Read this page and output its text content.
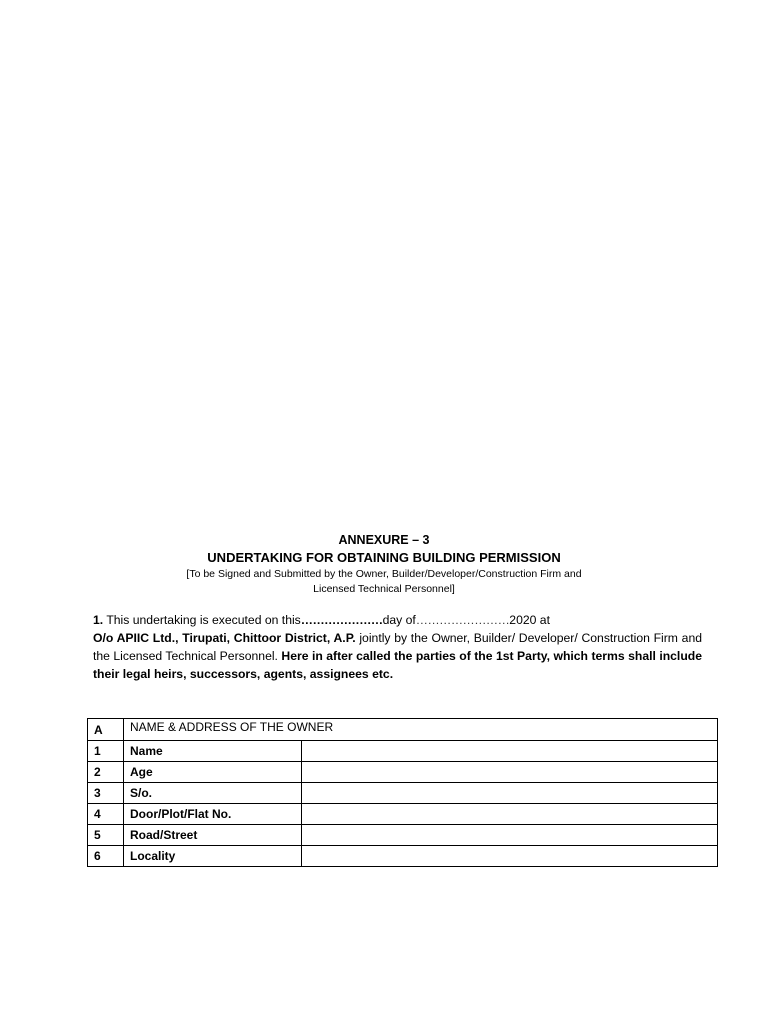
ANNEXURE – 3
UNDERTAKING FOR OBTAINING BUILDING PERMISSION
[To be Signed and Submitted by the Owner, Builder/Developer/Construction Firm and
Licensed Technical Personnel]
1. This undertaking is executed on this…………………day of……………………2020 at
O/o APIIC Ltd., Tirupati, Chittoor District, A.P. jointly by the Owner, Builder/ Developer/ Construction Firm and the Licensed Technical Personnel. Here in after called the parties of the 1st Party, which terms shall include their legal heirs, successors, agents, assignees etc.
A	NAME & ADDRESS OF THE OWNER	
1	Name	
2	Age	
3	S/o.	
4	Door/Plot/Flat No.	
5	Road/Street	
6	Locality	
